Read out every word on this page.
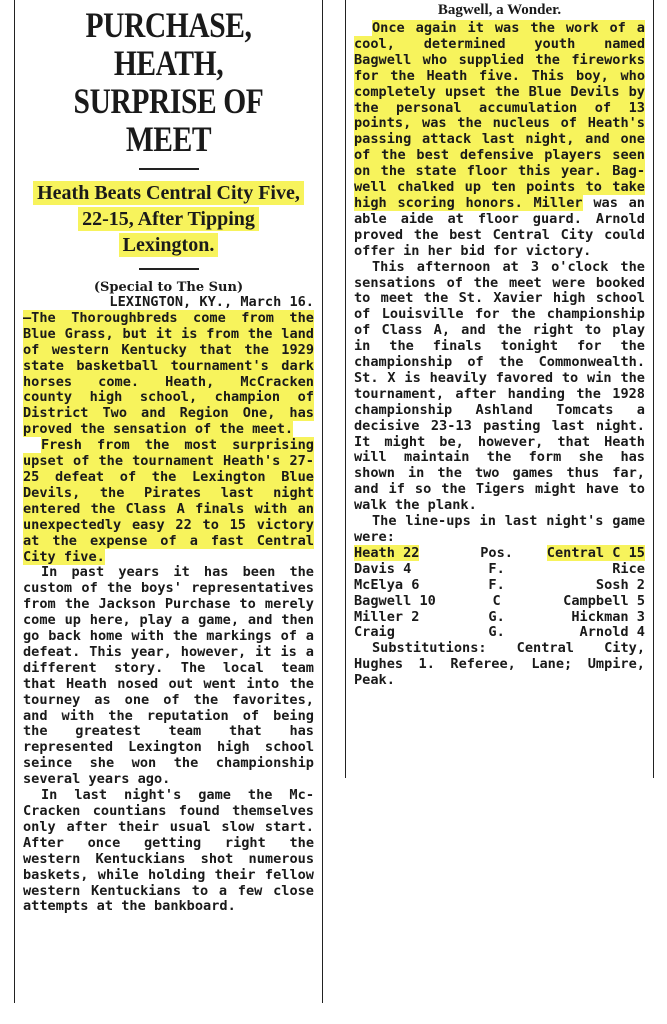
PURCHASE, HEATH,
SURPRISE OF MEET
Heath Beats Central City Five,
22-15, After Tipping
Lexington.
(Special to The Sun)

LEXINGTON, KY., March 16.

—The Thoroughbreds come from the Blue Grass, but it is from the land of western Kentucky that the 1929 state basketball tournament's dark horses come. Heath, McCracken county high school, champion of District Two and Region One, has proved the sensation of the meet.

Fresh from the most surprising upset of the tournament Heath's 27-25 defeat of the Lexington Blue Devils, the Pirates last night entered the Class A finals with an unexpectedly easy 22 to 15 victory at the expense of a fast Central City five.

In past years it has been the custom of the boys' representatives from the Jackson Purchase to merely come up here, play a game, and then go back home with the markings of a defeat. This year, however, it is a different story. The local team that Heath nosed out went into the tourney as one of the favorites, and with the reputation of being the greatest team that has represented Lexington high school seince she won the championship several years ago.

In last night's game the McCracken countians found themselves only after their usual slow start. After once getting right the western Kentuckians shot numerous baskets, while holding their fellow western Kentuckians to a few close attempts at the bankboard.

Bagwell, a Wonder.

Once again it was the work of a cool, determined youth named Bagwell who supplied the fireworks for the Heath five. This boy, who completely upset the Blue Devils by the personal accumulation of 13 points, was the nucleus of Heath's passing attack last night, and one of the best defensive players seen on the state floor this year. Bagwell chalked up ten points to take high scoring honors. Miller was an able aide at floor guard. Arnold proved the best Central City could offer in her bid for victory.

This afternoon at 3 o'clock the sensations of the meet were booked to meet the St. Xavier high school of Louisville for the championship of Class A, and the right to play in the finals tonight for the championship of the Commonwealth. St. X is heavily favored to win the tournament, after handing the 1928 championship Ashland Tomcats a decisive 23-13 pasting last night. It might be, however, that Heath will maintain the form she has shown in the two games thus far, and if so the Tigers might have to walk the plank.

The line-ups in last night's game were:

Heath 22	Pos.	Central C 15
Davis 4	F.	Rice
McElya 6	F.	Sosh 2
Bagwell 10	C	Campbell 5
Miller 2	G.	Hickman 3
Craig	G.	Arnold 4

Substitutions: Central City, Hughes 1. Referee, Lane; Umpire, Peak.
